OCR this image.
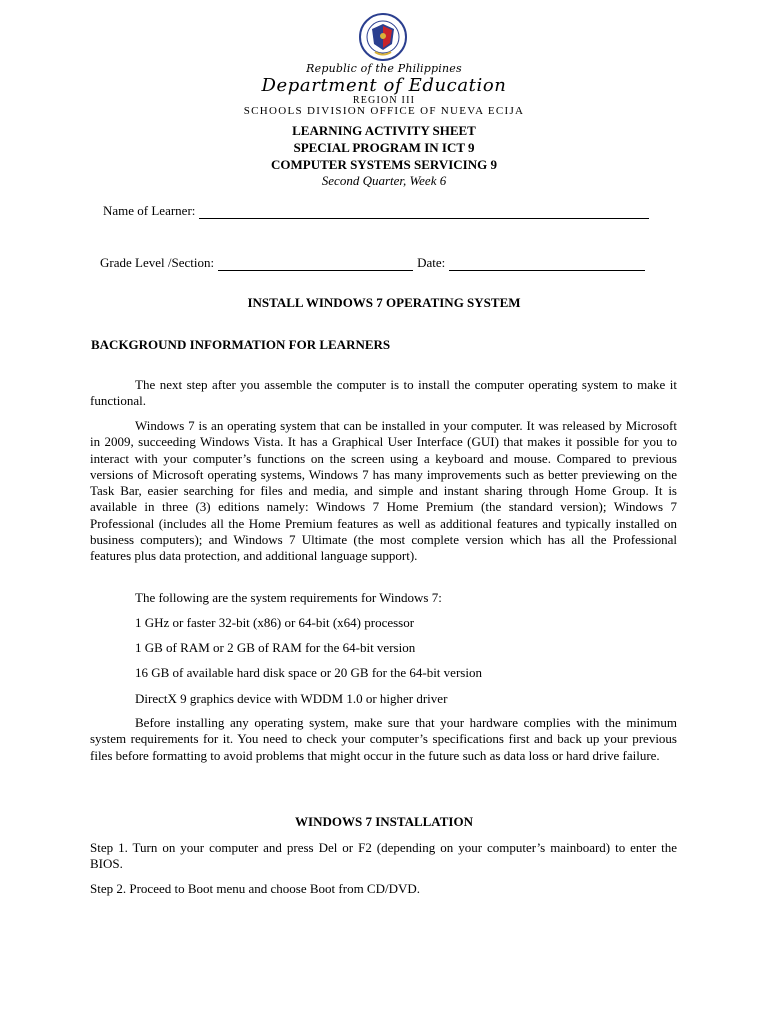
Republic of the Philippines
Department of Education
REGION III
SCHOOLS DIVISION OFFICE OF NUEVA ECIJA
LEARNING ACTIVITY SHEET
SPECIAL PROGRAM IN ICT 9
COMPUTER SYSTEMS SERVICING 9
Second Quarter, Week 6
Name of Learner:
Grade Level /Section:	Date:
INSTALL WINDOWS 7 OPERATING SYSTEM
BACKGROUND INFORMATION FOR LEARNERS

The next step after you assemble the computer is to install the computer operating system to make it functional.

Windows 7 is an operating system that can be installed in your computer. It was released by Microsoft in 2009, succeeding Windows Vista. It has a Graphical User Interface (GUI) that makes it possible for you to interact with your computer’s functions on the screen using a keyboard and mouse. Compared to previous versions of Microsoft operating systems, Windows 7 has many improvements such as better previewing on the Task Bar, easier searching for files and media, and simple and instant sharing through Home Group. It is available in three (3) editions namely: Windows 7 Home Premium (the standard version); Windows 7 Professional (includes all the Home Premium features as well as additional features and typically installed on business computers); and Windows 7 Ultimate (the most complete version which has all the Professional features plus data protection, and additional language support).

The following are the system requirements for Windows 7:

1 GHz or faster 32-bit (x86) or 64-bit (x64) processor
1 GB of RAM or 2 GB of RAM for the 64-bit version
16 GB of available hard disk space or 20 GB for the 64-bit version
DirectX 9 graphics device with WDDM 1.0 or higher driver

Before installing any operating system, make sure that your hardware complies with the minimum system requirements for it. You need to check your computer’s specifications first and back up your previous files before formatting to avoid problems that might occur in the future such as data loss or hard drive failure.

WINDOWS 7 INSTALLATION

Step 1. Turn on your computer and press Del or F2 (depending on your computer’s mainboard) to enter the BIOS.

Step 2. Proceed to Boot menu and choose Boot from CD/DVD.
